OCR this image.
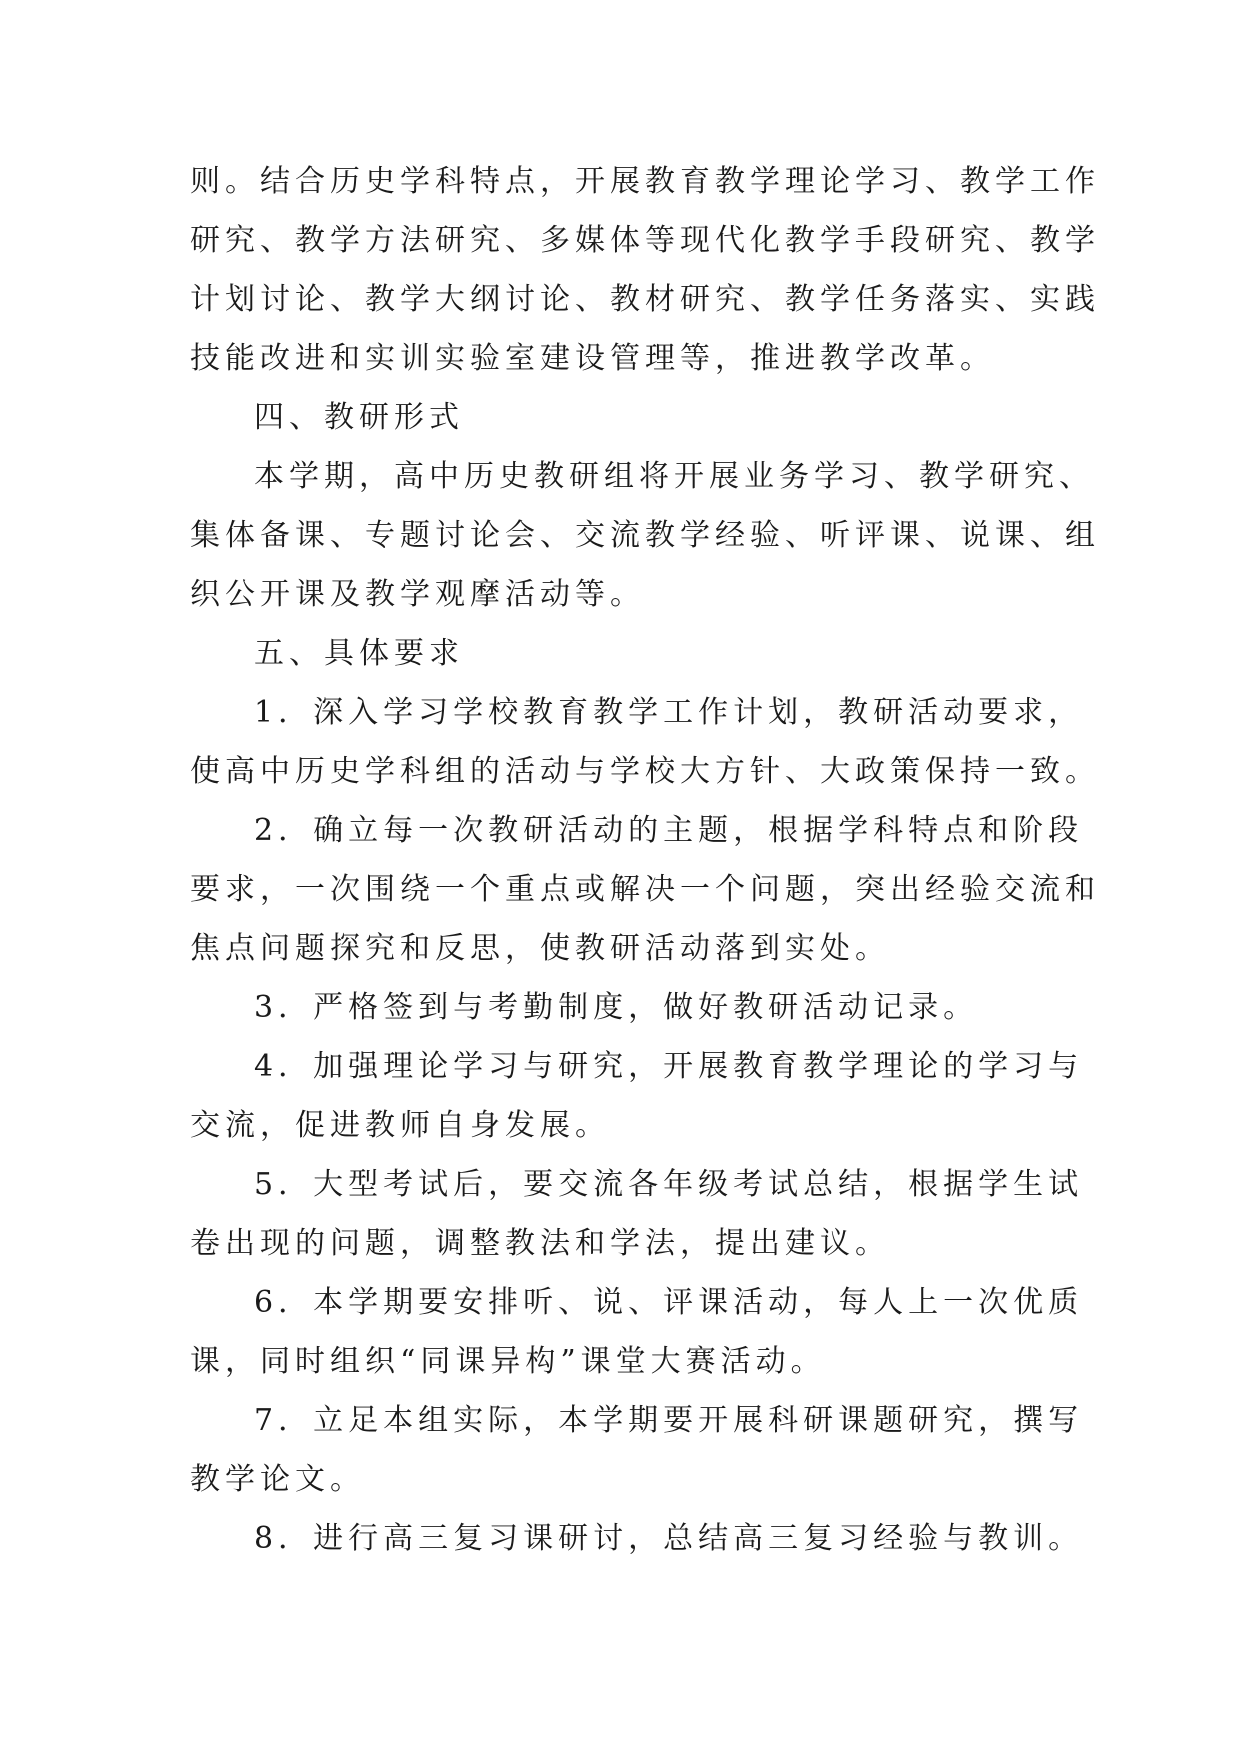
则。结合历史学科特点，开展教育教学理论学习、教学工作
研究、教学方法研究、多媒体等现代化教学手段研究、教学
计划讨论、教学大纲讨论、教材研究、教学任务落实、实践
技能改进和实训实验室建设管理等，推进教学改革。
四、教研形式
本学期，高中历史教研组将开展业务学习、教学研究、
集体备课、专题讨论会、交流教学经验、听评课、说课、组
织公开课及教学观摩活动等。
五、具体要求
1．深入学习学校教育教学工作计划，教研活动要求，
使高中历史学科组的活动与学校大方针、大政策保持一致。
2．确立每一次教研活动的主题，根据学科特点和阶段
要求，一次围绕一个重点或解决一个问题，突出经验交流和
焦点问题探究和反思，使教研活动落到实处。
3．严格签到与考勤制度，做好教研活动记录。
4．加强理论学习与研究，开展教育教学理论的学习与
交流，促进教师自身发展。
5．大型考试后，要交流各年级考试总结，根据学生试
卷出现的问题，调整教法和学法，提出建议。
6．本学期要安排听、说、评课活动，每人上一次优质
课，同时组织“同课异构”课堂大赛活动。
7．立足本组实际，本学期要开展科研课题研究，撰写
教学论文。
8．进行高三复习课研讨，总结高三复习经验与教训。
